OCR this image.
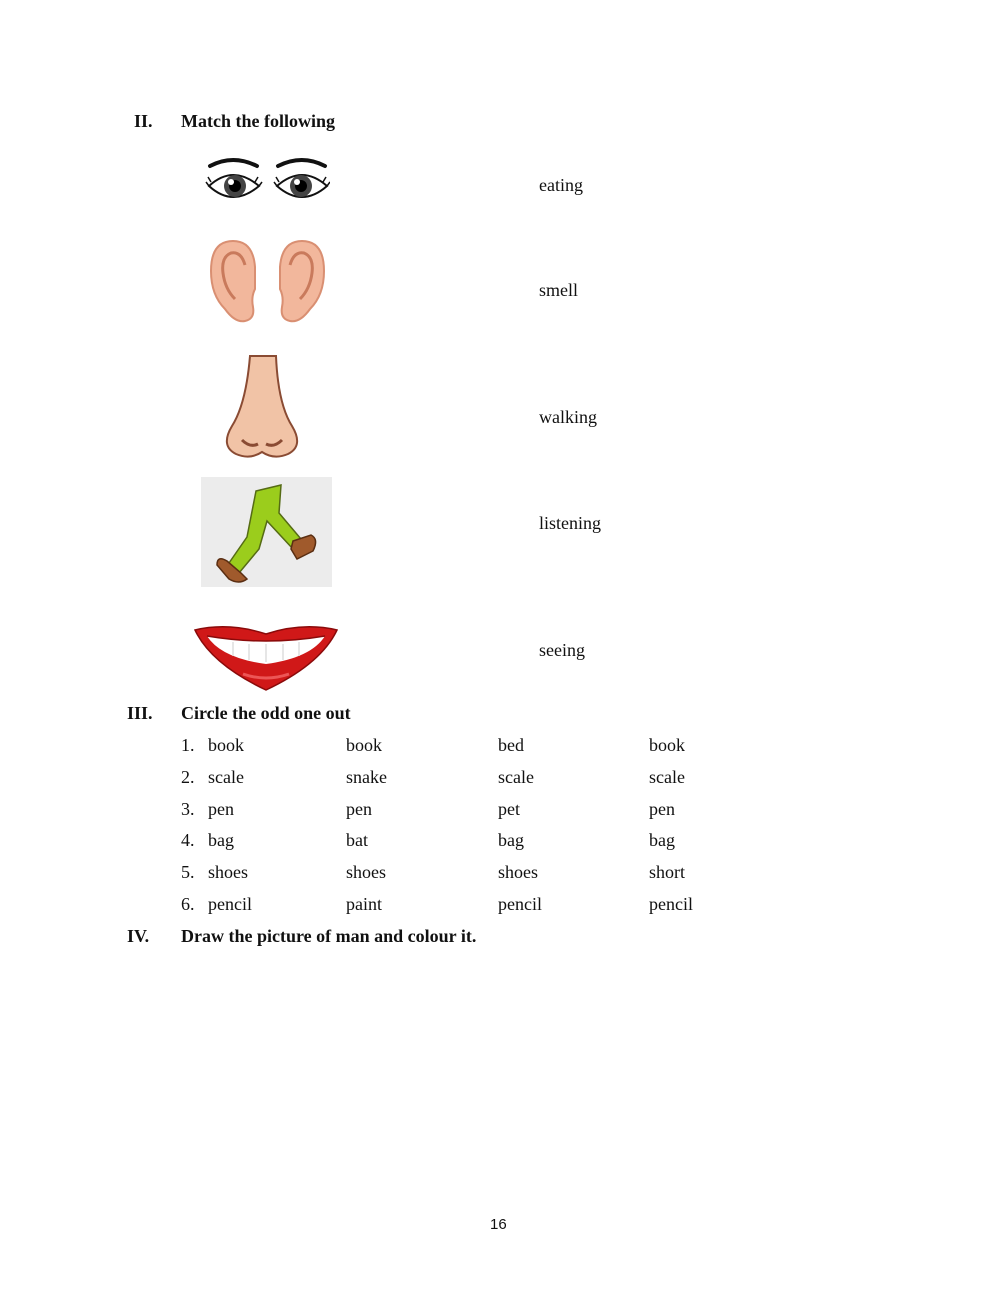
II.	Match the following
eating
smell
walking
listening
seeing
III.	Circle the odd one out
1. book	book	bed	book
2. scale	snake	scale	scale
3. pen	pen	pet	pen
4. bag	bat	bag	bag
5. shoes	shoes	shoes	short
6. pencil	paint	pencil	pencil
IV.	Draw the picture of man and colour it.
16
